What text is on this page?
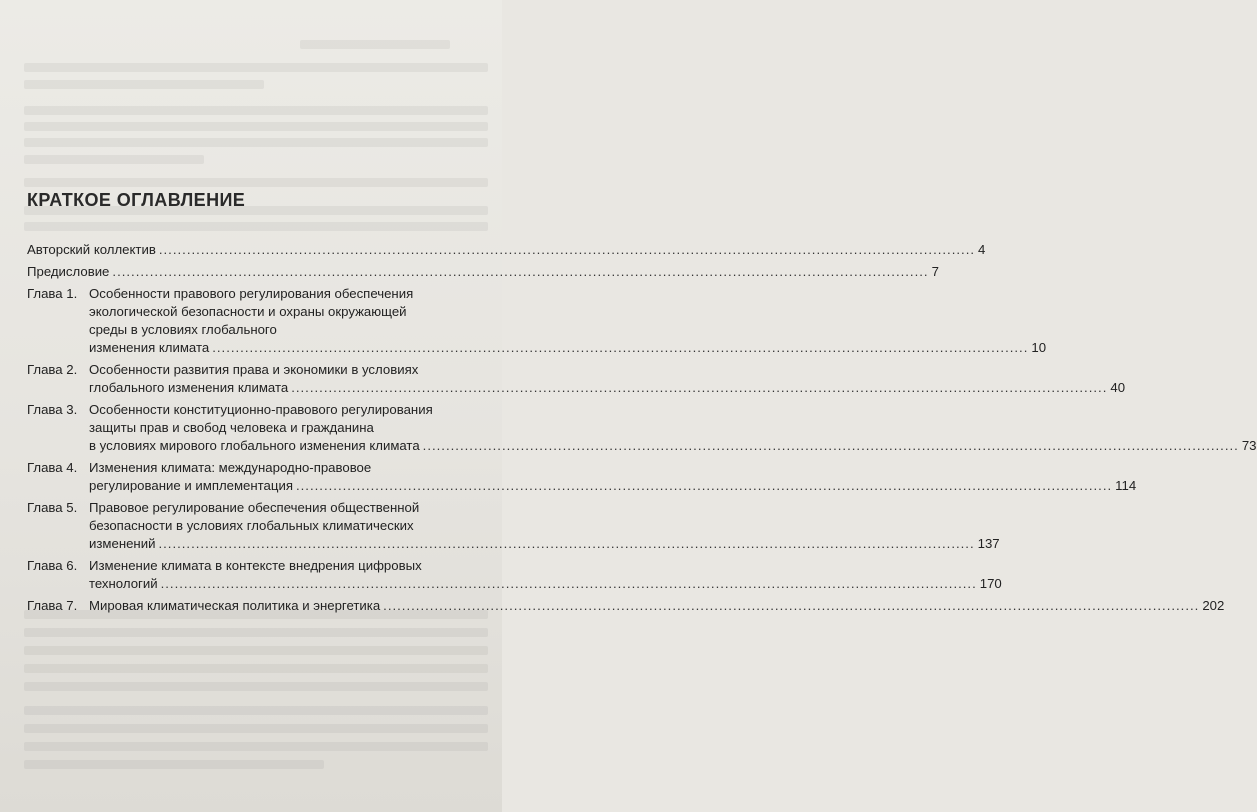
КРАТКОЕ ОГЛАВЛЕНИЕ
Авторский коллектив .....	4
Предисловие .....	7
Глава 1. Особенности правового регулирования обеспечения
экологической безопасности и охраны окружающей
среды в условиях глобального
изменения климата .....	10
Глава 2. Особенности развития права и экономики в условиях
глобального изменения климата .....	40
Глава 3. Особенности конституционно-правового регулирования
защиты прав и свобод человека и гражданина
в условиях мирового глобального изменения климата .....	73
Глава 4. Изменения климата: международно-правовое
регулирование и имплементация .....	114
Глава 5. Правовое регулирование обеспечения общественной
безопасности в условиях глобальных климатических
изменений .....	137
Глава 6. Изменение климата в контексте внедрения цифровых
технологий .....	170
Глава 7. Мировая климатическая политика и энергетика .....	202
